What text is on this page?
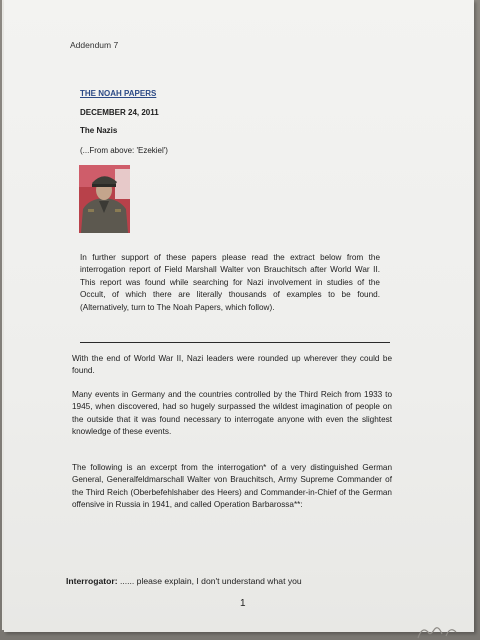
Addendum 7
THE NOAH PAPERS
DECEMBER 24, 2011
The Nazis
(...From above: 'Ezekiel')

In further support of these papers please read the extract below from the interrogation report of Field Marshall Walter von Brauchitsch after World War II. This report was found while searching for Nazi involvement in studies of the Occult, of which there are literally thousands of examples to be found. (Alternatively, turn to The Noah Papers, which follow).

With the end of World War II, Nazi leaders were rounded up wherever they could be found.

Many events in Germany and the countries controlled by the Third Reich from 1933 to 1945, when discovered, had so hugely surpassed the wildest imagination of people on the outside that it was found necessary to interrogate anyone with even the slightest knowledge of these events.

The following is an excerpt from the interrogation* of a very distinguished German General, Generalfeldmarschall Walter von Brauchitsch, Army Supreme Commander of the Third Reich (Oberbefehlshaber des Heers) and Commander-in-Chief of the German offensive in Russia in 1941, and called Operation Barbarossa**:

Interrogator: ...... please explain, I don't understand what you
1
